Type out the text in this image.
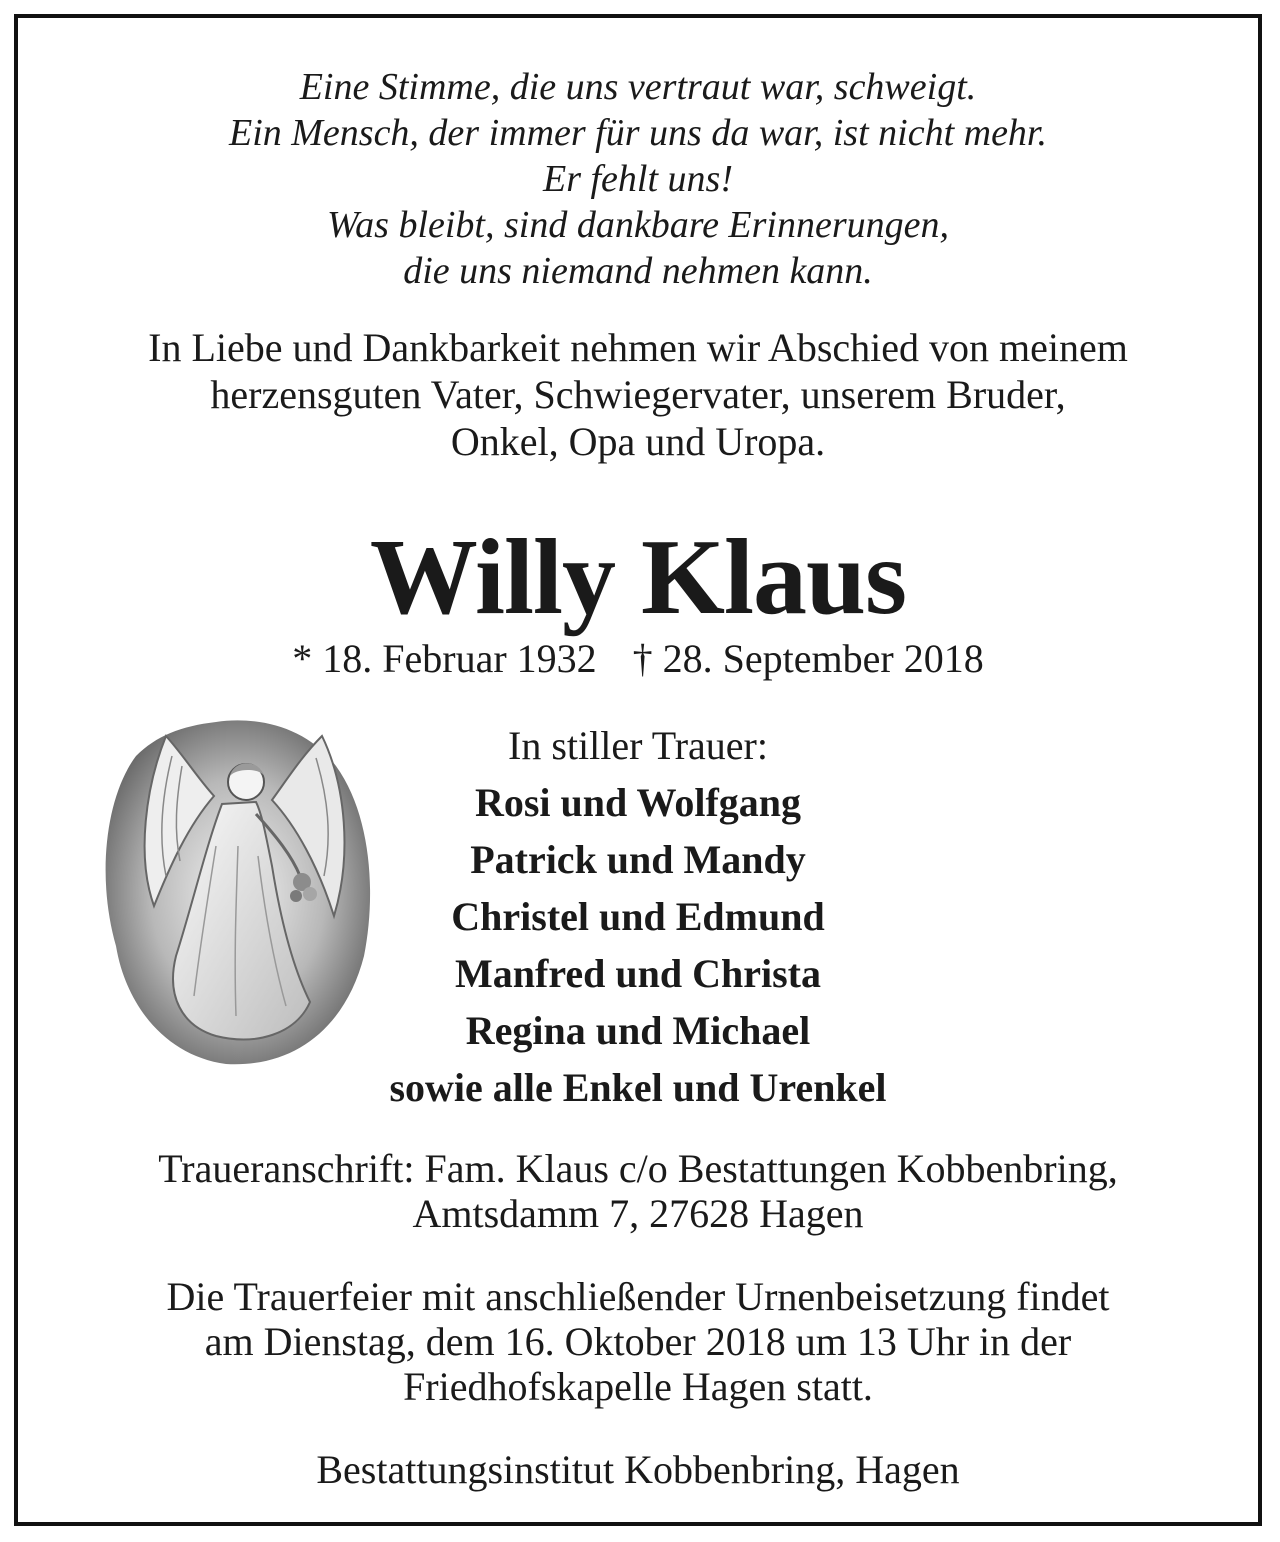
Eine Stimme, die uns vertraut war, schweigt.
Ein Mensch, der immer für uns da war, ist nicht mehr.
Er fehlt uns!
Was bleibt, sind dankbare Erinnerungen,
die uns niemand nehmen kann.
In Liebe und Dankbarkeit nehmen wir Abschied von meinem
herzensguten Vater, Schwiegervater, unserem Bruder,
Onkel, Opa und Uropa.
Willy Klaus
* 18. Februar 1932 † 28. September 2018
In stiller Trauer:
Rosi und Wolfgang
Patrick und Mandy
Christel und Edmund
Manfred und Christa
Regina und Michael
sowie alle Enkel und Urenkel
Traueranschrift: Fam. Klaus c/o Bestattungen Kobbenbring,
Amtsdamm 7, 27628 Hagen
Die Trauerfeier mit anschließender Urnenbeisetzung findet
am Dienstag, dem 16. Oktober 2018 um 13 Uhr in der
Friedhofskapelle Hagen statt.
Bestattungsinstitut Kobbenbring, Hagen
